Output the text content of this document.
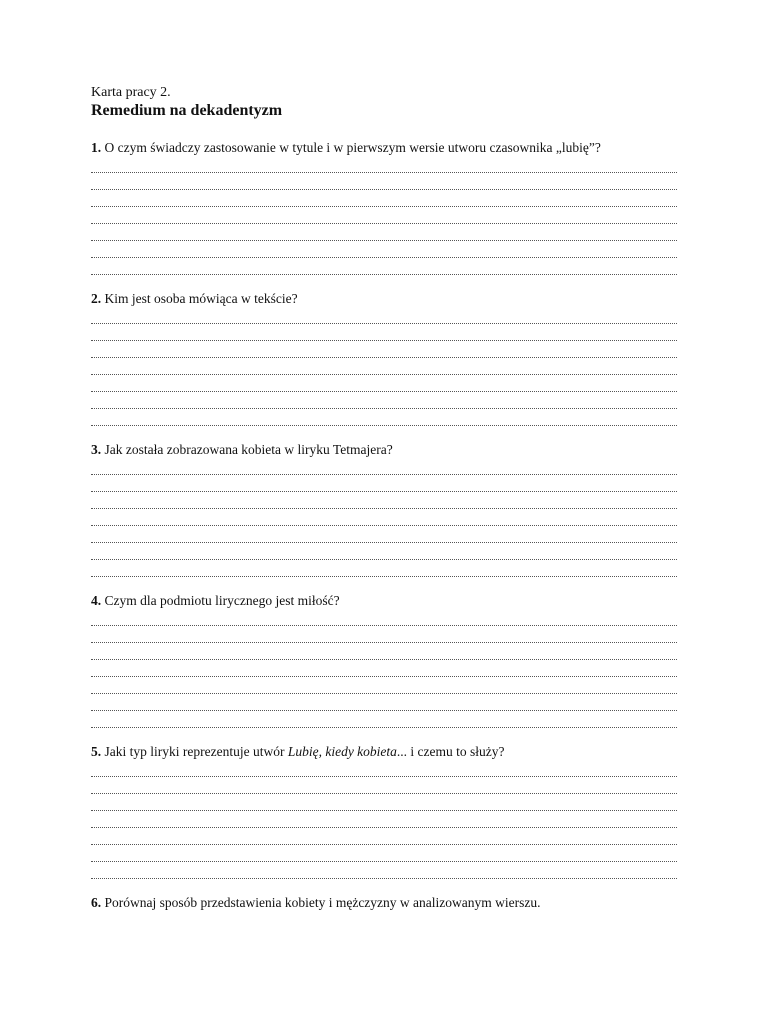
Karta pracy 2.
Remedium na dekadentyzm
1. O czym świadczy zastosowanie w tytule i w pierwszym wersie utworu czasownika „lubię”?
2. Kim jest osoba mówiąca w tekście?
3. Jak została zobrazowana kobieta w liryku Tetmajera?
4. Czym dla podmiotu lirycznego jest miłość?
5. Jaki typ liryki reprezentuje utwór Lubię, kiedy kobieta... i czemu to służy?
6. Porównaj sposób przedstawienia kobiety i mężczyzny w analizowanym wierszu.
